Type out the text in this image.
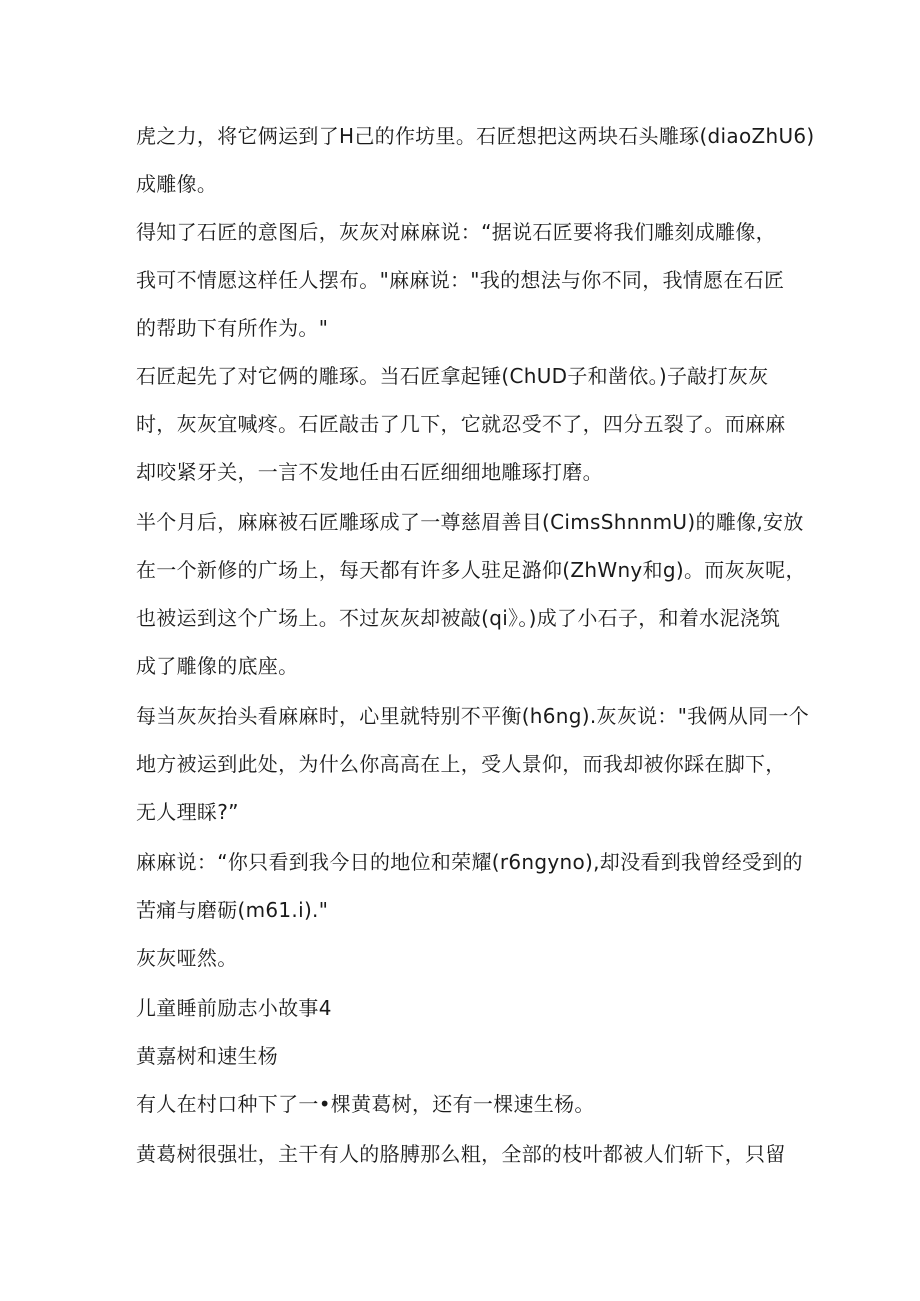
虎之力，将它俩运到了H己的作坊里。石匠想把这两块石头雕琢(diaoZhU6)
成雕像。
得知了石匠的意图后，灰灰对麻麻说：“据说石匠要将我们雕刻成雕像，
我可不情愿这样任人摆布。"麻麻说："我的想法与你不同，我情愿在石匠
的帮助下有所作为。"
石匠起先了对它俩的雕琢。当石匠拿起锤(ChUD子和凿依。)子敲打灰灰
时，灰灰宜喊疼。石匠敲击了几下，它就忍受不了，四分五裂了。而麻麻
却咬紧牙关，一言不发地任由石匠细细地雕琢打磨。
半个月后，麻麻被石匠雕琢成了一尊慈眉善目(CimsShnnmU)的雕像,安放
在一个新修的广场上，每天都有许多人驻足潞仰(ZhWny和g)。而灰灰呢，
也被运到这个广场上。不过灰灰却被敲(qi》。)成了小石子，和着水泥浇筑
成了雕像的底座。
每当灰灰抬头看麻麻时，心里就特别不平衡(h6ng).灰灰说："我俩从同一个
地方被运到此处，为什么你高高在上，受人景仰，而我却被你踩在脚下，
无人理睬?”
麻麻说：“你只看到我今日的地位和荣耀(r6ngyno),却没看到我曾经受到的
苦痛与磨砺(m61.i)."
灰灰哑然。
儿童睡前励志小故事4
黄嘉树和速生杨
有人在村口种下了一•棵黄葛树，还有一棵速生杨。
黄葛树很强壮，主干有人的胳膊那么粗，全部的枝叶都被人们斩下，只留
